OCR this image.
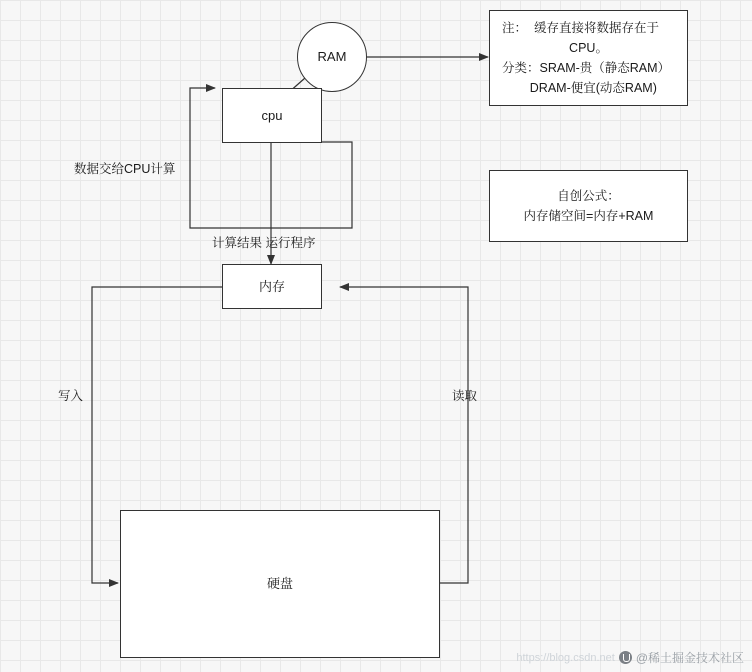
RAM
cpu
内存
硬盘
数据交给CPU计算
计算结果 运行程序
写入	读取
注：  缓存直接将数据存在于
CPU。
分类：SRAM-贵（静态RAM）
DRAM-便宜(动态RAM)
自创公式：
内存储空间=内存+RAM
https://blog.csdn.net @稀土掘金技术社区
